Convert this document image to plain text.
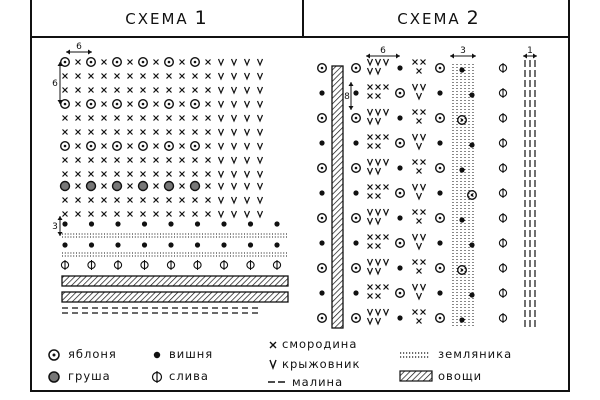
СХЕМА 1	СХЕМА 2
6
6
3
6
8
3	1
яблоня
груша
вишня
слива
смородина
крыжовник
малина
земляника
овощи
